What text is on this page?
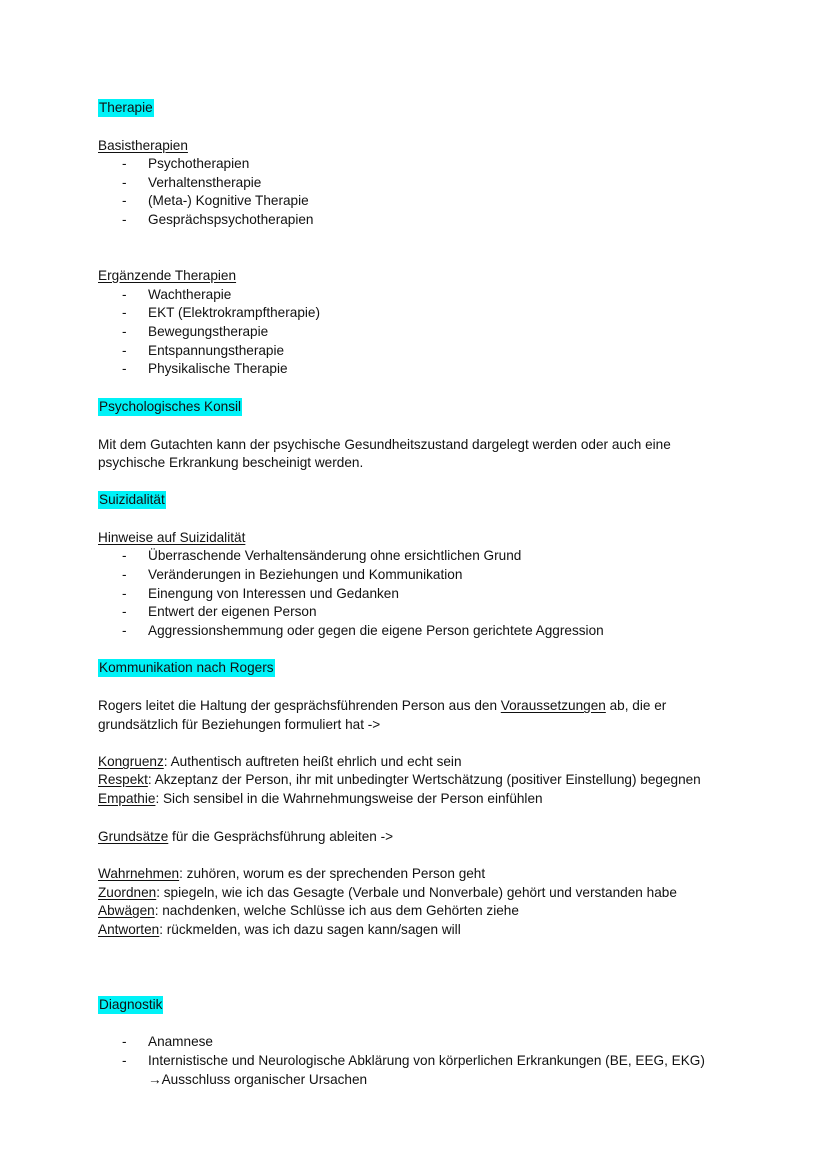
Therapie
Basistherapien
- Psychotherapien
- Verhaltenstherapie
- (Meta-) Kognitive Therapie
- Gesprächspsychotherapien
Ergänzende Therapien
- Wachtherapie
- EKT (Elektrokrampftherapie)
- Bewegungstherapie
- Entspannungstherapie
- Physikalische Therapie
Psychologisches Konsil
Mit dem Gutachten kann der psychische Gesundheitszustand dargelegt werden oder auch eine
psychische Erkrankung bescheinigt werden.
Suizidalität
Hinweise auf Suizidalität
- Überraschende Verhaltensänderung ohne ersichtlichen Grund
- Veränderungen in Beziehungen und Kommunikation
- Einengung von Interessen und Gedanken
- Entwert der eigenen Person
- Aggressionshemmung oder gegen die eigene Person gerichtete Aggression
Kommunikation nach Rogers
Rogers leitet die Haltung der gesprächsführenden Person aus den Voraussetzungen ab, die er
grundsätzlich für Beziehungen formuliert hat ->
Kongruenz: Authentisch auftreten heißt ehrlich und echt sein
Respekt: Akzeptanz der Person, ihr mit unbedingter Wertschätzung (positiver Einstellung) begegnen
Empathie: Sich sensibel in die Wahrnehmungsweise der Person einfühlen
Grundsätze für die Gesprächsführung ableiten ->
Wahrnehmen: zuhören, worum es der sprechenden Person geht
Zuordnen: spiegeln, wie ich das Gesagte (Verbale und Nonverbale) gehört und verstanden habe
Abwägen: nachdenken, welche Schlüsse ich aus dem Gehörten ziehe
Antworten: rückmelden, was ich dazu sagen kann/sagen will
Diagnostik
- Anamnese
- Internistische und Neurologische Abklärung von körperlichen Erkrankungen (BE, EEG, EKG)
→Ausschluss organischer Ursachen
